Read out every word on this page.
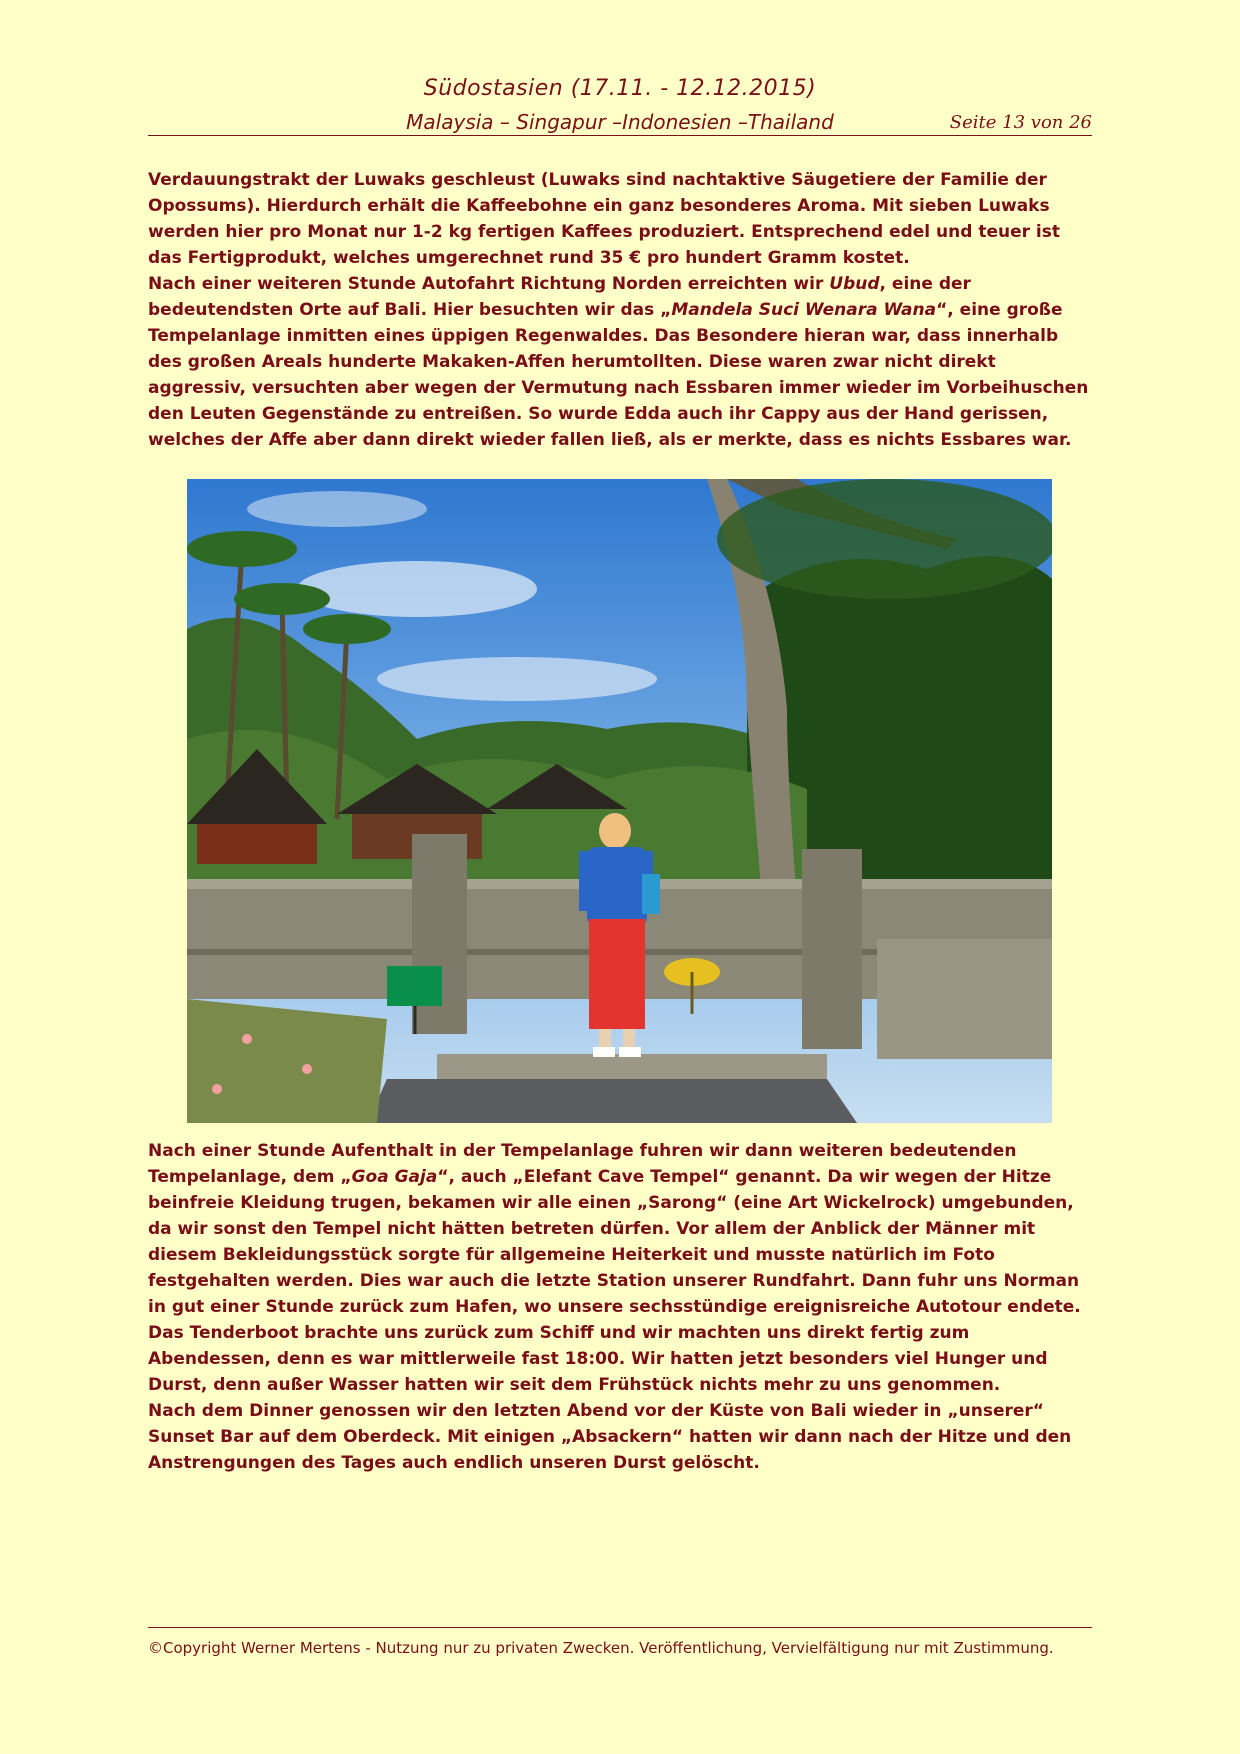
Südostasien (17.11. - 12.12.2015)
Malaysia – Singapur –Indonesien –Thailand	Seite 13 von 26

Verdauungstrakt der Luwaks geschleust (Luwaks sind nachtaktive Säugetiere der Familie der Opossums). Hierdurch erhält die Kaffeebohne ein ganz besonderes Aroma. Mit sieben Luwaks werden hier pro Monat nur 1-2 kg fertigen Kaffees produziert. Entsprechend edel und teuer ist das Fertigprodukt, welches umgerechnet rund 35 € pro hundert Gramm kostet.

Nach einer weiteren Stunde Autofahrt Richtung Norden erreichten wir Ubud, eine der bedeutendsten Orte auf Bali. Hier besuchten wir das „Mandela Suci Wenara Wana“, eine große Tempelanlage inmitten eines üppigen Regenwaldes. Das Besondere hieran war, dass innerhalb des großen Areals hunderte Makaken-Affen herumtollten. Diese waren zwar nicht direkt aggressiv, versuchten aber wegen der Vermutung nach Essbaren immer wieder im Vorbeihuschen den Leuten Gegenstände zu entreißen. So wurde Edda auch ihr Cappy aus der Hand gerissen, welches der Affe aber dann direkt wieder fallen ließ, als er merkte, dass es nichts Essbares war.

Nach einer Stunde Aufenthalt in der Tempelanlage fuhren wir dann weiteren bedeutenden Tempelanlage, dem „Goa Gaja“, auch „Elefant Cave Tempel“ genannt. Da wir wegen der Hitze beinfreie Kleidung trugen, bekamen wir alle einen „Sarong“ (eine Art Wickelrock) umgebunden, da wir sonst den Tempel nicht hätten betreten dürfen. Vor allem der Anblick der Männer mit diesem Bekleidungsstück sorgte für allgemeine Heiterkeit und musste natürlich im Foto festgehalten werden. Dies war auch die letzte Station unserer Rundfahrt. Dann fuhr uns Norman in gut einer Stunde zurück zum Hafen, wo unsere sechsstündige ereignisreiche Autotour endete.

Das Tenderboot brachte uns zurück zum Schiff und wir machten uns direkt fertig zum Abendessen, denn es war mittlerweile fast 18:00. Wir hatten jetzt besonders viel Hunger und Durst, denn außer Wasser hatten wir seit dem Frühstück nichts mehr zu uns genommen.

Nach dem Dinner genossen wir den letzten Abend vor der Küste von Bali wieder in „unserer“ Sunset Bar auf dem Oberdeck. Mit einigen „Absackern“ hatten wir dann nach der Hitze und den Anstrengungen des Tages auch endlich unseren Durst gelöscht.

©Copyright Werner Mertens - Nutzung nur zu privaten Zwecken. Veröffentlichung, Vervielfältigung nur mit Zustimmung.
